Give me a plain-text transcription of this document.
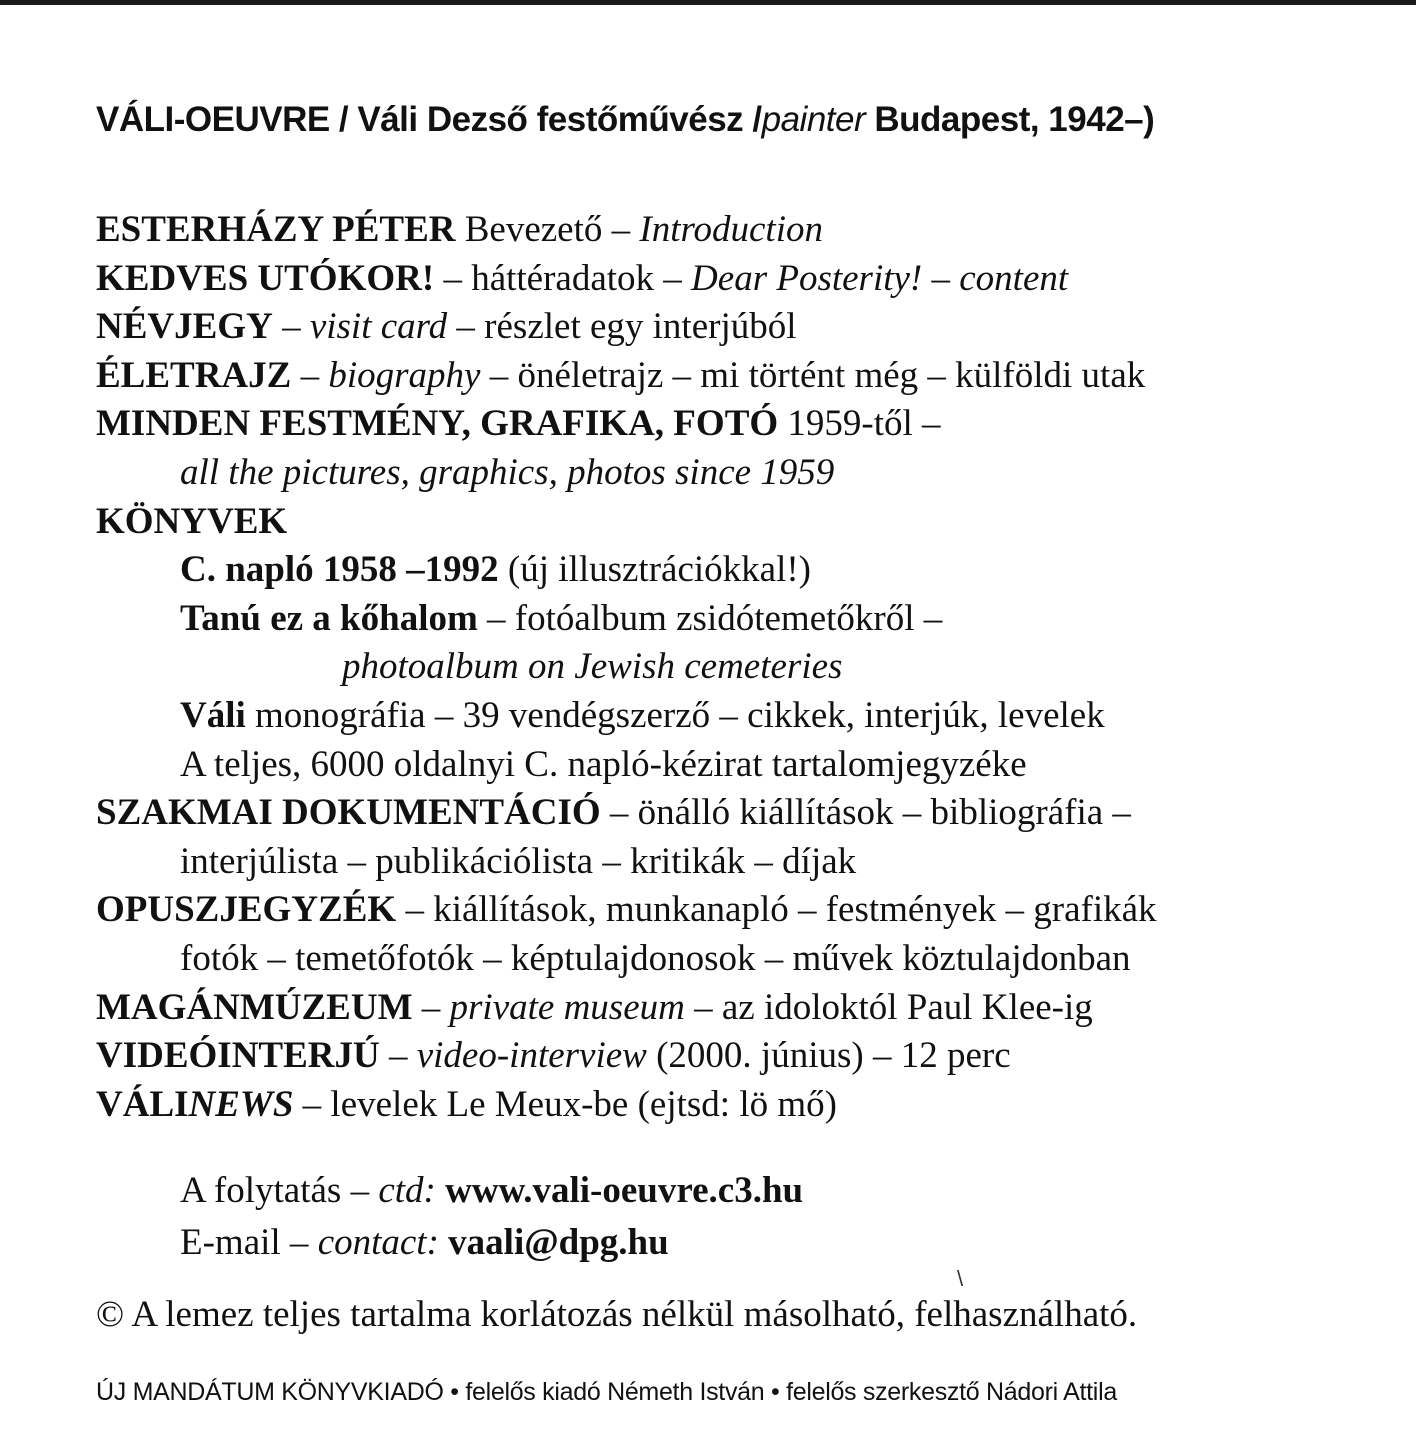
VÁLI-OEUVRE / Váli Dezső festőművész /painter Budapest, 1942–)
ESTERHÁZY PÉTER Bevezető – Introduction
KEDVES UTÓKOR! – háttéradatok – Dear Posterity! – content
NÉVJEGY – visit card – részlet egy interjúból
ÉLETRAJZ – biography – önéletrajz – mi történt még – külföldi utak
MINDEN FESTMÉNY, GRAFIKA, FOTÓ 1959-től –
all the pictures, graphics, photos since 1959
KÖNYVEK
C. napló 1958 –1992 (új illusztrációkkal!)
Tanú ez a kőhalom – fotóalbum zsidótemetőkről –
photoalbum on Jewish cemeteries
Váli monográfia – 39 vendégszerző – cikkek, interjúk, levelek
A teljes, 6000 oldalnyi C. napló-kézirat tartalomjegyzéke
SZAKMAI DOKUMENTÁCIÓ – önálló kiállítások – bibliográfia –
interjúlista – publikációlista – kritikák – díjak
OPUSZJEGYZÉK – kiállítások, munkanapló – festmények – grafikák
fotók – temetőfotók – képtulajdonosok – művek köztulajdonban
MAGÁNMÚZEUM – private museum – az idoloktól Paul Klee-ig
VIDEÓINTERJÚ – video-interview (2000. június) – 12 perc
VÁLINEWS – levelek Le Meux-be (ejtsd: lö mő)
A folytatás – ctd: www.vali-oeuvre.c3.hu
E-mail – contact: vaali@dpg.hu
\
© A lemez teljes tartalma korlátozás nélkül másolható, felhasználható.
ÚJ MANDÁTUM KÖNYVKIADÓ • felelős kiadó Németh István • felelős szerkesztő Nádori Attila
